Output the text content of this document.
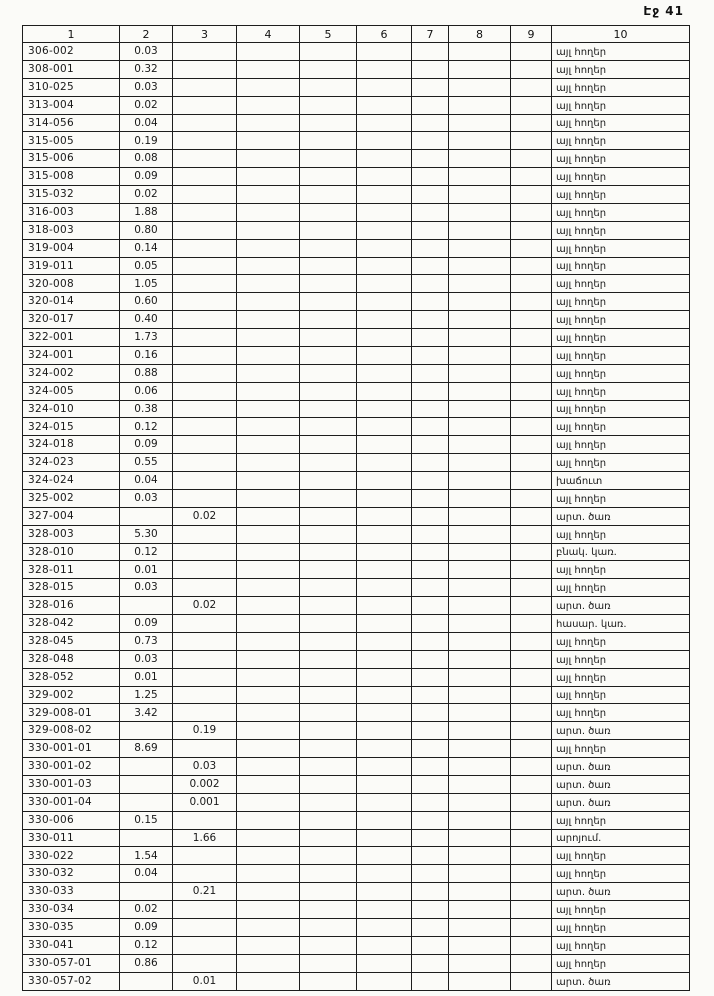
Էջ 41
1	2	3	4	5	6	7	8	9	10
306-002	0.03								այլ հողեր
308-001	0.32								այլ հողեր
310-025	0.03								այլ հողեր
313-004	0.02								այլ հողեր
314-056	0.04								այլ հողեր
315-005	0.19								այլ հողեր
315-006	0.08								այլ հողեր
315-008	0.09								այլ հողեր
315-032	0.02								այլ հողեր
316-003	1.88								այլ հողեր
318-003	0.80								այլ հողեր
319-004	0.14								այլ հողեր
319-011	0.05								այլ հողեր
320-008	1.05								այլ հողեր
320-014	0.60								այլ հողեր
320-017	0.40								այլ հողեր
322-001	1.73								այլ հողեր
324-001	0.16								այլ հողեր
324-002	0.88								այլ հողեր
324-005	0.06								այլ հողեր
324-010	0.38								այլ հողեր
324-015	0.12								այլ հողեր
324-018	0.09								այլ հողեր
324-023	0.55								այլ հողեր
324-024	0.04								խաճուտ
325-002	0.03								այլ հողեր
327-004		0.02							արտ. ծառ
328-003	5.30								այլ հողեր
328-010	0.12								բնակ. կառ.
328-011	0.01								այլ հողեր
328-015	0.03								այլ հողեր
328-016		0.02							արտ. ծառ
328-042	0.09								հասար. կառ.
328-045	0.73								այլ հողեր
328-048	0.03								այլ հողեր
328-052	0.01								այլ հողեր
329-002	1.25								այլ հողեր
329-008-01	3.42								այլ հողեր
329-008-02		0.19							արտ. ծառ
330-001-01	8.69								այլ հողեր
330-001-02		0.03							արտ. ծառ
330-001-03		0.002							արտ. ծառ
330-001-04		0.001							արտ. ծառ
330-006	0.15								այլ հողեր
330-011		1.66							արոյում.
330-022	1.54								այլ հողեր
330-032	0.04								այլ հողեր
330-033		0.21							արտ. ծառ
330-034	0.02								այլ հողեր
330-035	0.09								այլ հողեր
330-041	0.12								այլ հողեր
330-057-01	0.86								այլ հողեր
330-057-02		0.01							արտ. ծառ
